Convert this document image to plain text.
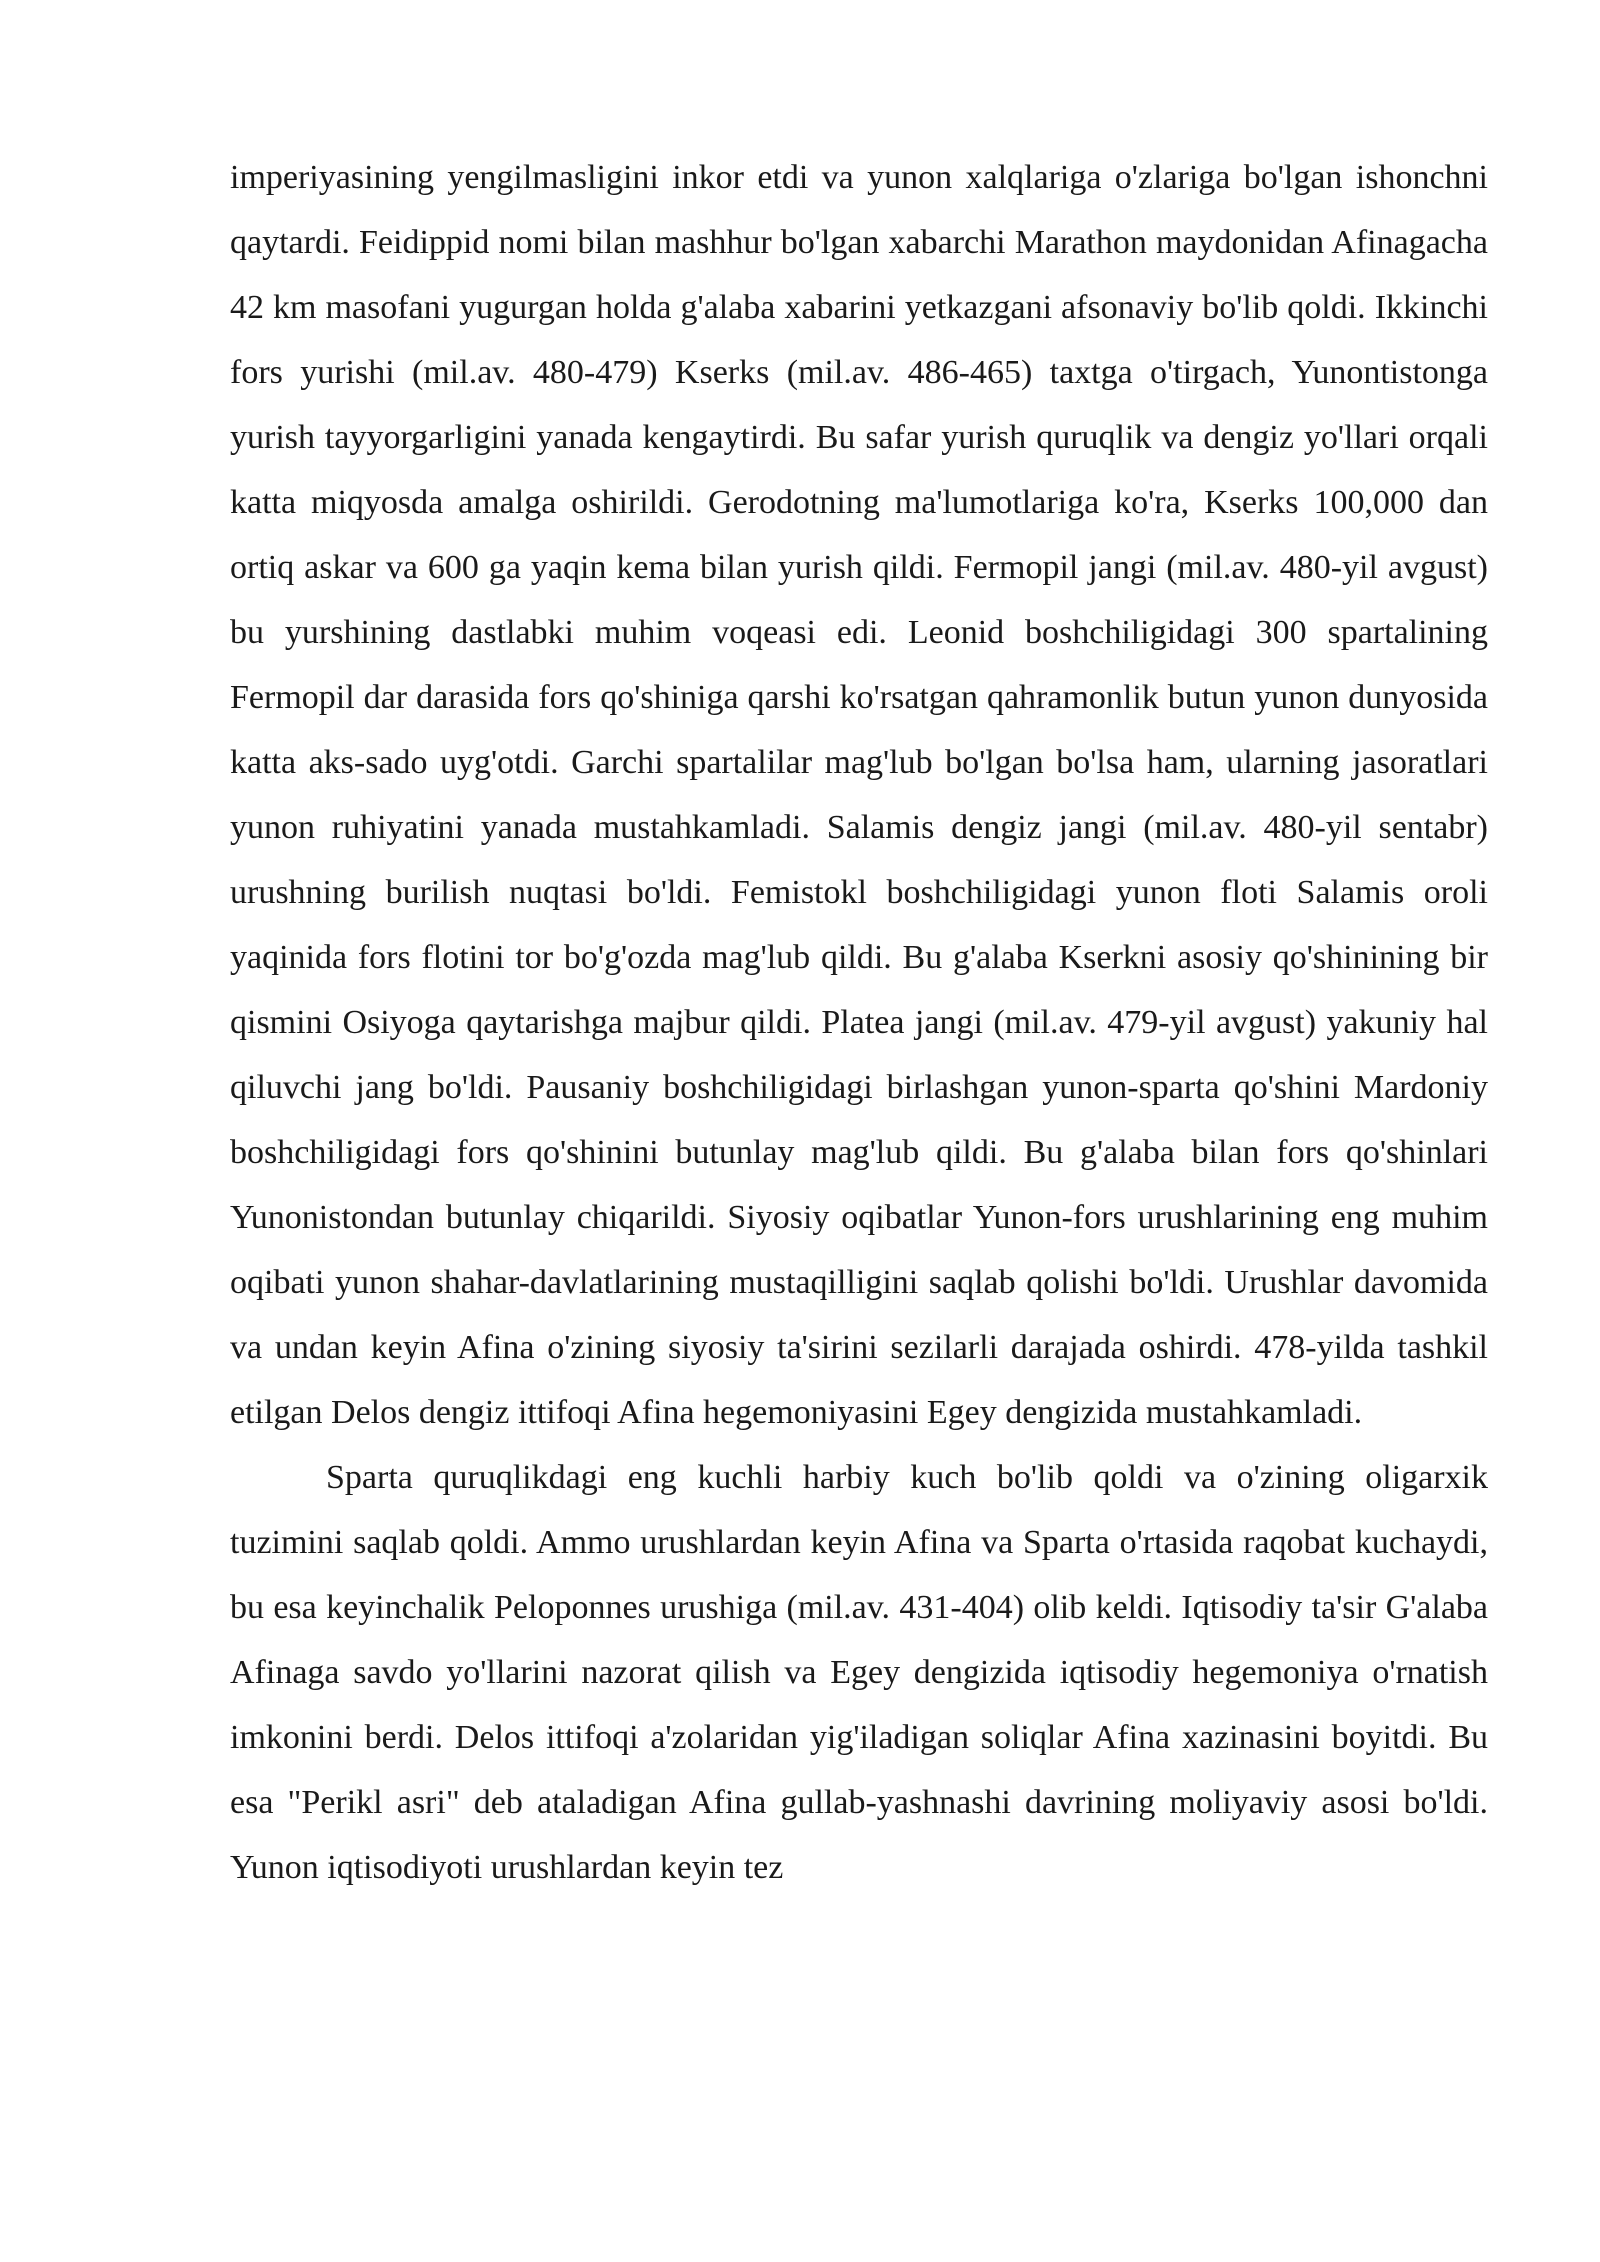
imperiyasining yengilmasligini inkor etdi va yunon xalqlariga o'zlariga bo'lgan ishonchni qaytardi. Feidippid nomi bilan mashhur bo'lgan xabarchi Marathon maydonidan Afinagacha 42 km masofani yugurgan holda g'alaba xabarini yetkazgani afsonaviy bo'lib qoldi. Ikkinchi fors yurishi (mil.av. 480-479) Kserks (mil.av. 486-465) taxtga o'tirgach, Yunontistonga yurish tayyorgarligini yanada kengaytirdi. Bu safar yurish quruqlik va dengiz yo'llari orqali katta miqyosda amalga oshirildi. Gerodotning ma'lumotlariga ko'ra, Kserks 100,000 dan ortiq askar va 600 ga yaqin kema bilan yurish qildi. Fermopil jangi (mil.av. 480-yil avgust) bu yurshining dastlabki muhim voqeasi edi. Leonid boshchiligidagi 300 spartalining Fermopil dar darasida fors qo'shiniga qarshi ko'rsatgan qahramonlik butun yunon dunyosida katta aks-sado uyg'otdi. Garchi spartalilar mag'lub bo'lgan bo'lsa ham, ularning jasoratlari yunon ruhiyatini yanada mustahkamladi. Salamis dengiz jangi (mil.av. 480-yil sentabr) urushning burilish nuqtasi bo'ldi. Femistokl boshchiligidagi yunon floti Salamis oroli yaqinida fors flotini tor bo'g'ozda mag'lub qildi. Bu g'alaba Kserkni asosiy qo'shinining bir qismini Osiyoga qaytarishga majbur qildi. Platea jangi (mil.av. 479-yil avgust) yakuniy hal qiluvchi jang bo'ldi. Pausaniy boshchiligidagi birlashgan yunon-sparta qo'shini Mardoniy boshchiligidagi fors qo'shinini butunlay mag'lub qildi. Bu g'alaba bilan fors qo'shinlari Yunonistondan butunlay chiqarildi. Siyosiy oqibatlar Yunon-fors urushlarining eng muhim oqibati yunon shahar-davlatlarining mustaqilligini saqlab qolishi bo'ldi. Urushlar davomida va undan keyin Afina o'zining siyosiy ta'sirini sezilarli darajada oshirdi. 478-yilda tashkil etilgan Delos dengiz ittifoqi Afina hegemoniyasini Egey dengizida mustahkamladi.

Sparta quruqlikdagi eng kuchli harbiy kuch bo'lib qoldi va o'zining oligarxik tuzimini saqlab qoldi. Ammo urushlardan keyin Afina va Sparta o'rtasida raqobat kuchaydi, bu esa keyinchalik Peloponnes urushiga (mil.av. 431-404) olib keldi. Iqtisodiy ta'sir G'alaba Afinaga savdo yo'llarini nazorat qilish va Egey dengizida iqtisodiy hegemoniya o'rnatish imkonini berdi. Delos ittifoqi a'zolaridan yig'iladigan soliqlar Afina xazinasini boyitdi. Bu esa "Perikl asri" deb ataladigan Afina gullab-yashnashi davrining moliyaviy asosi bo'ldi. Yunon iqtisodiyoti urushlardan keyin tez
